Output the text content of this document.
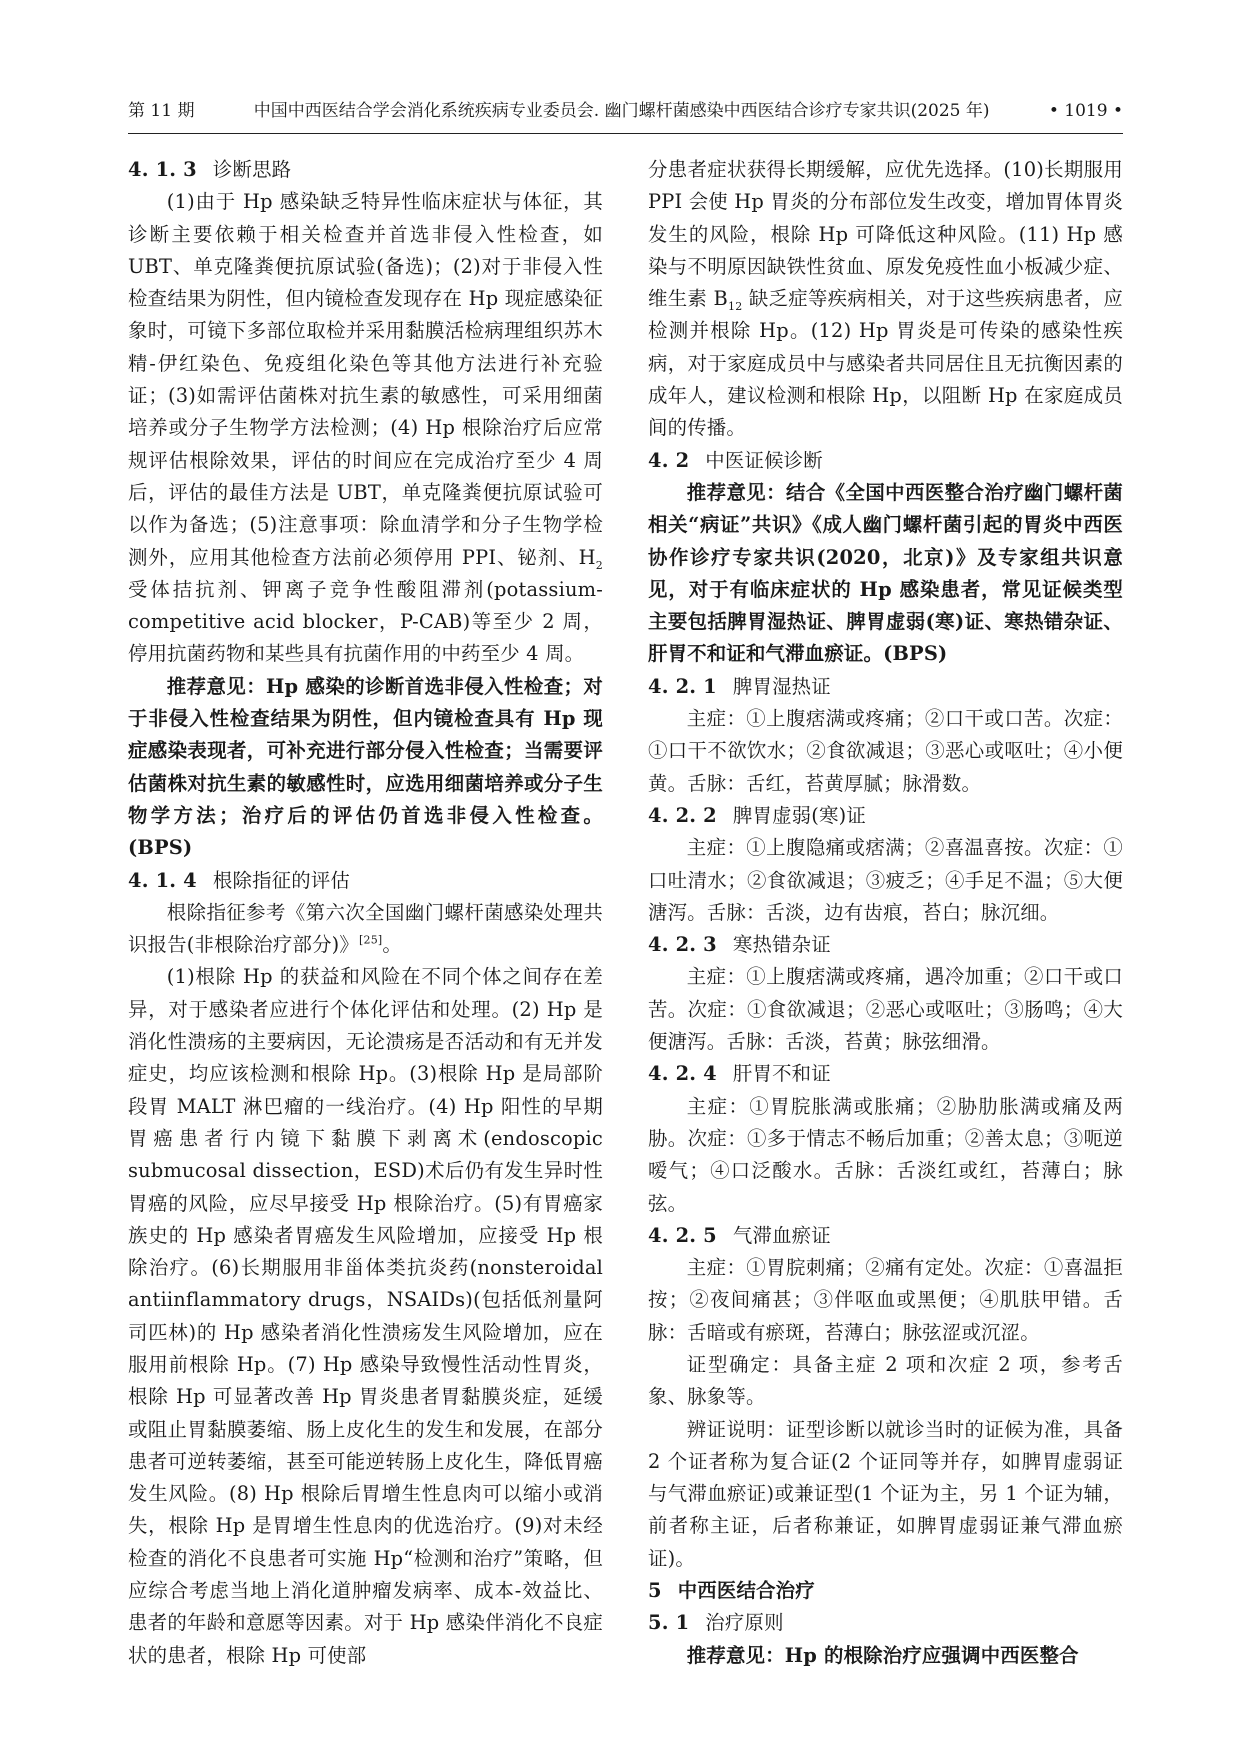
第 11 期	中国中西医结合学会消化系统疾病专业委员会. 幽门螺杆菌感染中西医结合诊疗专家共识(2025 年)	• 1019 •
4. 1. 3 诊断思路

(1)由于 Hp 感染缺乏特异性临床症状与体征，其诊断主要依赖于相关检查并首选非侵入性检查，如 UBT、单克隆粪便抗原试验(备选)；(2)对于非侵入性检查结果为阴性，但内镜检查发现存在 Hp 现症感染征象时，可镜下多部位取检并采用黏膜活检病理组织苏木精-伊红染色、免疫组化染色等其他方法进行补充验证；(3)如需评估菌株对抗生素的敏感性，可采用细菌培养或分子生物学方法检测；(4) Hp 根除治疗后应常规评估根除效果，评估的时间应在完成治疗至少 4 周后，评估的最佳方法是 UBT，单克隆粪便抗原试验可以作为备选；(5)注意事项：除血清学和分子生物学检测外，应用其他检查方法前必须停用 PPI、铋剂、$H_2$ 受体拮抗剂、钾离子竞争性酸阻滞剂(potassium-competitive acid blocker，P-CAB)等至少 2 周，停用抗菌药物和某些具有抗菌作用的中药至少 4 周。

推荐意见：Hp 感染的诊断首选非侵入性检查；对于非侵入性检查结果为阴性，但内镜检查具有 Hp 现症感染表现者，可补充进行部分侵入性检查；当需要评估菌株对抗生素的敏感性时，应选用细菌培养或分子生物学方法；治疗后的评估仍首选非侵入性检查。(BPS)

4. 1. 4 根除指征的评估

根除指征参考《第六次全国幽门螺杆菌感染处理共识报告(非根除治疗部分)》[25]。

(1)根除 Hp 的获益和风险在不同个体之间存在差异，对于感染者应进行个体化评估和处理。(2) Hp 是消化性溃疡的主要病因，无论溃疡是否活动和有无并发症史，均应该检测和根除 Hp。(3)根除 Hp 是局部阶段胃 MALT 淋巴瘤的一线治疗。(4) Hp 阳性的早期胃癌患者行内镜下黏膜下剥离术(endoscopic submucosal dissection，ESD)术后仍有发生异时性胃癌的风险，应尽早接受 Hp 根除治疗。(5)有胃癌家族史的 Hp 感染者胃癌发生风险增加，应接受 Hp 根除治疗。(6)长期服用非甾体类抗炎药(nonsteroidal antiinflammatory drugs，NSAIDs)(包括低剂量阿司匹林)的 Hp 感染者消化性溃疡发生风险增加，应在服用前根除 Hp。(7) Hp 感染导致慢性活动性胃炎，根除 Hp 可显著改善 Hp 胃炎患者胃黏膜炎症，延缓或阻止胃黏膜萎缩、肠上皮化生的发生和发展，在部分患者可逆转萎缩，甚至可能逆转肠上皮化生，降低胃癌发生风险。(8) Hp 根除后胃增生性息肉可以缩小或消失，根除 Hp 是胃增生性息肉的优选治疗。(9)对未经检查的消化不良患者可实施 Hp“检测和治疗”策略，但应综合考虑当地上消化道肿瘤发病率、成本-效益比、患者的年龄和意愿等因素。对于 Hp 感染伴消化不良症状的患者，根除 Hp 可使部

分患者症状获得长期缓解，应优先选择。(10)长期服用 PPI 会使 Hp 胃炎的分布部位发生改变，增加胃体胃炎发生的风险，根除 Hp 可降低这种风险。(11) Hp 感染与不明原因缺铁性贫血、原发免疫性血小板减少症、维生素 $B_{12}$ 缺乏症等疾病相关，对于这些疾病患者，应检测并根除 Hp。(12) Hp 胃炎是可传染的感染性疾病，对于家庭成员中与感染者共同居住且无抗衡因素的成年人，建议检测和根除 Hp，以阻断 Hp 在家庭成员间的传播。

4. 2 中医证候诊断

推荐意见：结合《全国中西医整合治疗幽门螺杆菌相关“病证”共识》《成人幽门螺杆菌引起的胃炎中西医协作诊疗专家共识(2020，北京)》及专家组共识意见，对于有临床症状的 Hp 感染患者，常见证候类型主要包括脾胃湿热证、脾胃虚弱(寒)证、寒热错杂证、肝胃不和证和气滞血瘀证。(BPS)

4. 2. 1 脾胃湿热证

主症：①上腹痞满或疼痛；②口干或口苦。次症：①口干不欲饮水；②食欲减退；③恶心或呕吐；④小便黄。舌脉：舌红，苔黄厚腻；脉滑数。

4. 2. 2 脾胃虚弱(寒)证

主症：①上腹隐痛或痞满；②喜温喜按。次症：①口吐清水；②食欲减退；③疲乏；④手足不温；⑤大便溏泻。舌脉：舌淡，边有齿痕，苔白；脉沉细。

4. 2. 3 寒热错杂证

主症：①上腹痞满或疼痛，遇冷加重；②口干或口苦。次症：①食欲减退；②恶心或呕吐；③肠鸣；④大便溏泻。舌脉：舌淡，苔黄；脉弦细滑。

4. 2. 4 肝胃不和证

主症：①胃脘胀满或胀痛；②胁肋胀满或痛及两胁。次症：①多于情志不畅后加重；②善太息；③呃逆嗳气；④口泛酸水。舌脉：舌淡红或红，苔薄白；脉弦。

4. 2. 5 气滞血瘀证

主症：①胃脘刺痛；②痛有定处。次症：①喜温拒按；②夜间痛甚；③伴呕血或黑便；④肌肤甲错。舌脉：舌暗或有瘀斑，苔薄白；脉弦涩或沉涩。

证型确定：具备主症 2 项和次症 2 项，参考舌象、脉象等。

辨证说明：证型诊断以就诊当时的证候为准，具备 2 个证者称为复合证(2 个证同等并存，如脾胃虚弱证与气滞血瘀证)或兼证型(1 个证为主，另 1 个证为辅，前者称主证，后者称兼证，如脾胃虚弱证兼气滞血瘀证)。

5 中西医结合治疗
5. 1 治疗原则

推荐意见：Hp 的根除治疗应强调中西医整合
